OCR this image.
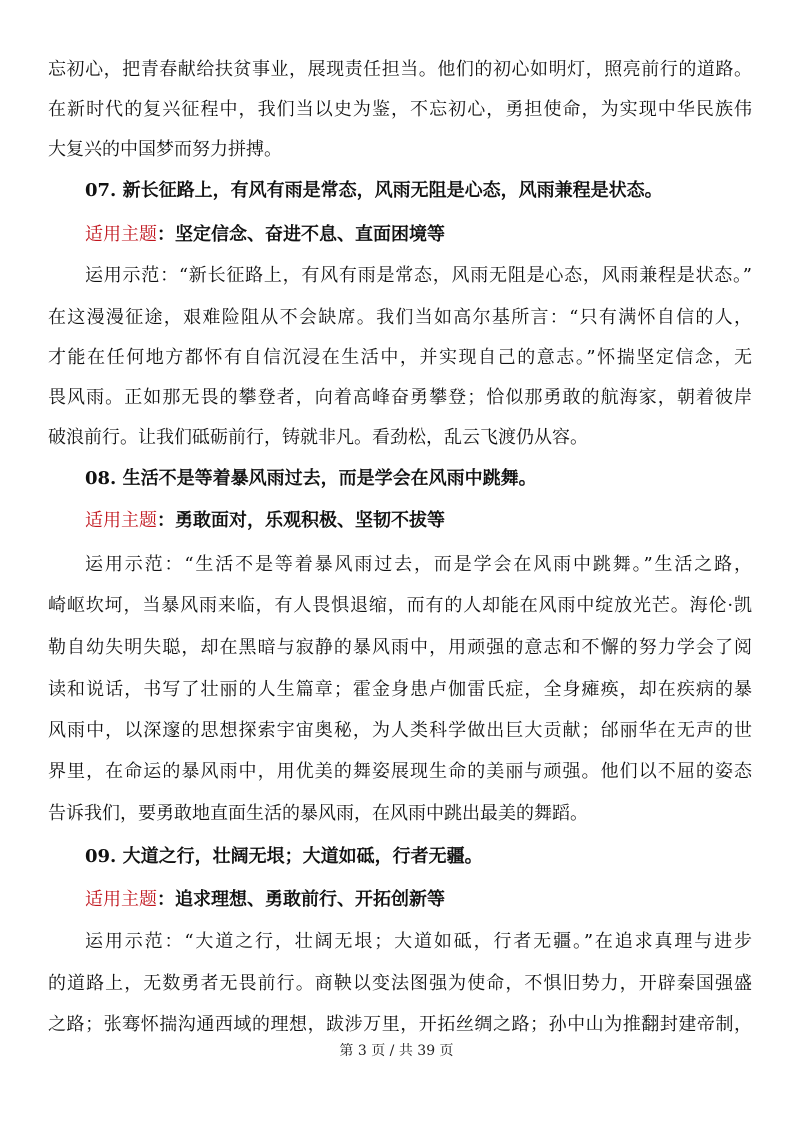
忘初心，把青春献给扶贫事业，展现责任担当。他们的初心如明灯，照亮前行的道路。
在新时代的复兴征程中，我们当以史为鉴，不忘初心，勇担使命，为实现中华民族伟
大复兴的中国梦而努力拼搏。
07. 新长征路上，有风有雨是常态，风雨无阻是心态，风雨兼程是状态。
适用主题：坚定信念、奋进不息、直面困境等
运用示范：“新长征路上，有风有雨是常态，风雨无阻是心态，风雨兼程是状态。”
在这漫漫征途，艰难险阻从不会缺席。我们当如高尔基所言：“只有满怀自信的人，
才能在任何地方都怀有自信沉浸在生活中，并实现自己的意志。”怀揣坚定信念，无
畏风雨。正如那无畏的攀登者，向着高峰奋勇攀登；恰似那勇敢的航海家，朝着彼岸
破浪前行。让我们砥砺前行，铸就非凡。看劲松，乱云飞渡仍从容。
08. 生活不是等着暴风雨过去，而是学会在风雨中跳舞。
适用主题：勇敢面对，乐观积极、坚韧不拔等
运用示范：“生活不是等着暴风雨过去，而是学会在风雨中跳舞。”生活之路，
崎岖坎坷，当暴风雨来临，有人畏惧退缩，而有的人却能在风雨中绽放光芒。海伦·凯
勒自幼失明失聪，却在黑暗与寂静的暴风雨中，用顽强的意志和不懈的努力学会了阅
读和说话，书写了壮丽的人生篇章；霍金身患卢伽雷氏症，全身瘫痪，却在疾病的暴
风雨中，以深邃的思想探索宇宙奥秘，为人类科学做出巨大贡献；邰丽华在无声的世
界里，在命运的暴风雨中，用优美的舞姿展现生命的美丽与顽强。他们以不屈的姿态
告诉我们，要勇敢地直面生活的暴风雨，在风雨中跳出最美的舞蹈。
09. 大道之行，壮阔无垠；大道如砥，行者无疆。
适用主题：追求理想、勇敢前行、开拓创新等
运用示范：“大道之行，壮阔无垠；大道如砥，行者无疆。”在追求真理与进步
的道路上，无数勇者无畏前行。商鞅以变法图强为使命，不惧旧势力，开辟秦国强盛
之路；张骞怀揣沟通西域的理想，跋涉万里，开拓丝绸之路；孙中山为推翻封建帝制，
第 3 页 / 共 39 页
